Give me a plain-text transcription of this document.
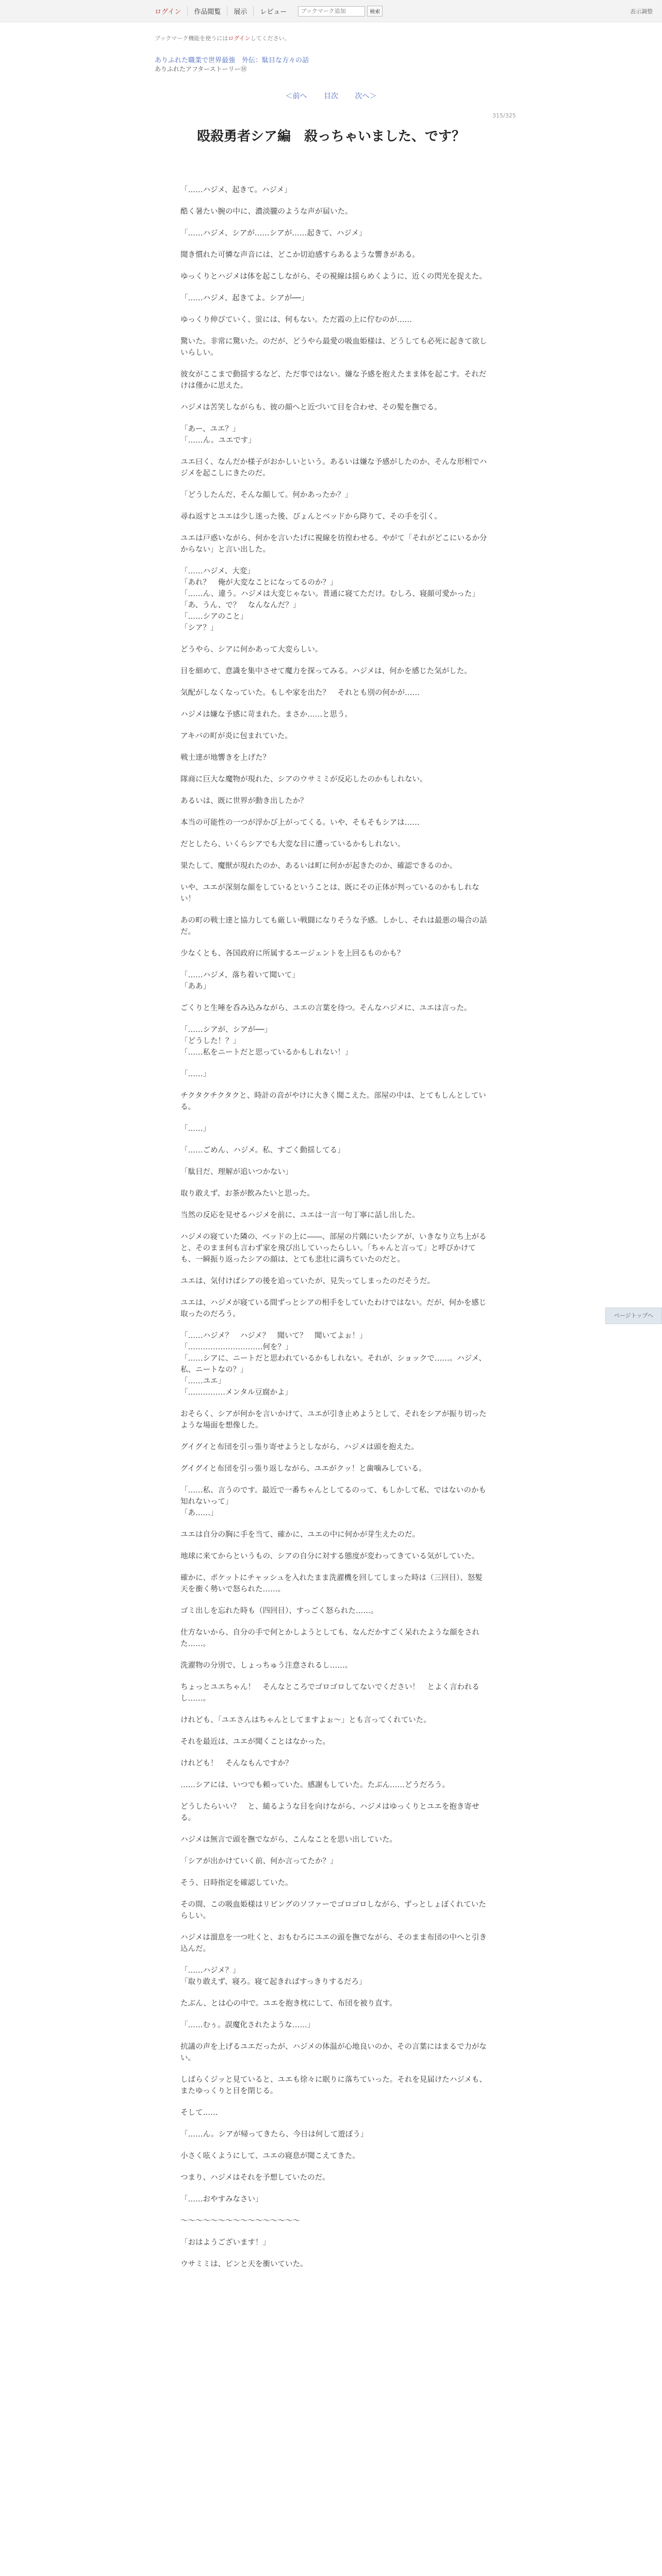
ログイン	作品閲覧	展示	レビュー
ブックマーク追加	検索	表示調整
ブックマーク機能を使うにはログインしてください。
ありふれた職業で世界最強　外伝：駄目な方々の話
ありふれたアフターストーリー⑱
＜前へ 目次 次へ＞
315/325
殴殺勇者シア編　殺っちゃいました、です？

「……ハジメ、起きて。ハジメ」

酷く暑たい腕の中に、濃淡朧のような声が届いた。

「……ハジメ、シアが……シアが……起きて、ハジメ」

聞き慣れた可憐な声音には、どこか切迫感すらあるような響きがある。

ゆっくりとハジメは体を起こしながら、その視線は揺らめくように、近くの閃光を捉えた。

「……ハジメ、起きてよ。シアが──」

ゆっくり伸びていく、蛍には、何もない。ただ霞の上に佇むのが……

驚いた。非常に驚いた。のだが、どうやら最愛の吸血姫様は、どうしても必死に起きて欲しいらしい。

彼女がここまで動揺するなど、ただ事ではない。嫌な予感を抱えたまま体を起こす。それだけは僅かに思えた。

ハジメは苦笑しながらも、彼の顔へと近づいて目を合わせ、その髪を撫でる。

「あー、ユエ？」
「……ん。ユエです」

ユエ曰く、なんだか様子がおかしいという。あるいは嫌な予感がしたのか、そんな形相でハジメを起こしにきたのだ。

「どうしたんだ、そんな顔して。何かあったか？」

尋ね返すとユエは少し迷った後、ぴょんとベッドから降りて、その手を引く。

ユエは戸惑いながら、何かを言いたげに視線を彷徨わせる。やがて「それがどこにいるか分からない」と言い出した。

「……ハジメ、大変」
「あれ？　俺が大変なことになってるのか？」
「……ん、違う。ハジメは大変じゃない。普通に寝てただけ。むしろ、寝顔可愛かった」
「あ、うん、で？　なんなんだ？」
「……シアのこと」
「シア？」

どうやら、シアに何かあって大変らしい。

目を細めて、意識を集中させて魔力を探ってみる。ハジメは、何かを感じた気がした。

気配がしなくなっていた。もしや家を出た？　それとも別の何かが……

ハジメは嫌な予感に苛まれた。まさか……と思う。

アキバの町が炎に包まれていた。

戦士達が地響きを上げた？

隊商に巨大な魔物が現れた、シアのウサミミが反応したのかもしれない。

あるいは、既に世界が動き出したか？

本当の可能性の一つが浮かび上がってくる。いや、そもそもシアは……

だとしたら、いくらシアでも大変な目に遭っているかもしれない。

果たして、魔獣が現れたのか、あるいは町に何かが起きたのか、確認できるのか。

いや、ユエが深刻な顔をしているということは、既にその正体が判っているのかもしれない！

あの町の戦士達と協力しても厳しい戦闘になりそうな予感。しかし、それは最悪の場合の話だ。

少なくとも、各国政府に所属するエージェントを上回るものかも？

「……ハジメ、落ち着いて聞いて」
「ああ」

ごくりと生唾を呑み込みながら、ユエの言葉を待つ。そんなハジメに、ユエは言った。

「……シアが、シアが──」
「どうした！？」
「……私をニートだと思っているかもしれない！」

「……」

チクタクチクタクと、時計の音がやけに大きく聞こえた。部屋の中は、とてもしんとしている。

「……」

「……ごめん、ハジメ。私、すごく動揺してる」

「駄目だ、理解が追いつかない」

取り敢えず、お茶が飲みたいと思った。

当然の反応を見せるハジメを前に、ユエは一言一句丁寧に話し出した。

ハジメの寝ていた隣の、ベッドの上に――、部屋の片隅にいたシアが、いきなり立ち上がると、そのまま何も言わず家を飛び出していったらしい。「ちゃんと言って」と呼びかけても、一瞬振り返ったシアの顔は、とても悲壮に満ちていたのだと。

ユエは、気付けばシアの後を追っていたが、見失ってしまったのだそうだ。

ユエは、ハジメが寝ている間ずっとシアの相手をしていたわけではない。だが、何かを感じ取ったのだろう。

「……ハジメ？　ハジメ？　聞いて？　聞いてよぉ！」
「…………………………何を？」
「……シアに、ニートだと思われているかもしれない。それが、ショックで……。ハジメ、私、ニートなの？」
「……ユエ」
「……………メンタル豆腐かよ」

おそらく、シアが何かを言いかけて、ユエが引き止めようとして、それをシアが振り切ったような場面を想像した。

グイグイと布団を引っ張り寄せようとしながら、ハジメは頭を抱えた。

グイグイと布団を引っ張り返しながら、ユエがクッ！と歯噛みしている。

「……私、言うのです。最近で一番ちゃんとしてるのって、もしかして私、ではないのかも知れないって」
「あ……」

ユエは自分の胸に手を当て、確かに、ユエの中に何かが芽生えたのだ。

地球に来てからというもの、シアの自分に対する態度が変わってきている気がしていた。

確かに、ポケットにチャッシュを入れたまま洗濯機を回してしまった時は（三回目）、怒髪天を衝く勢いで怒られた……。

ゴミ出しを忘れた時も（四回目）、すっごく怒られた……。

仕方ないから、自分の手で何とかしようとしても、なんだかすごく呆れたような顔をされた……。

洗濯物の分別で、しょっちゅう注意されるし……。

ちょっとユエちゃん！　そんなところでゴロゴロしてないでください！　とよく言われるし……。

けれども、「ユエさんはちゃんとしてますよぉ～」とも言ってくれていた。

それを最近は、ユエが聞くことはなかった。

けれども！　そんなもんですか？

……シアには、いつでも頼っていた。感謝もしていた。たぶん……どうだろう。

どうしたらいい？　と、縋るような目を向けながら、ハジメはゆっくりとユエを抱き寄せる。

ハジメは無言で頭を撫でながら、こんなことを思い出していた。

「シアが出かけていく前、何か言ってたか？」

そう、日時指定を確認していた。

その間、この吸血姫様はリビングのソファーでゴロゴロしながら、ずっとしょぼくれていたらしい。

ハジメは溜息を一つ吐くと、おもむろにユエの頭を撫でながら、そのまま布団の中へと引き込んだ。

「……ハジメ？」
「取り敢えず、寝ろ。寝て起きればすっきりするだろ」

たぶん、とは心の中で。ユエを抱き枕にして、布団を被り直す。

「……むぅ。誤魔化されたような……」

抗議の声を上げるユエだったが、ハジメの体温が心地良いのか、その言葉にはまるで力がない。

しばらくジッと見ていると、ユエも徐々に眠りに落ちていった。それを見届けたハジメも、またゆっくりと目を閉じる。

そして……

「……ん。シアが帰ってきたら、今日は何して遊ぼう」

小さく呟くようにして、ユエの寝息が聞こえてきた。

つまり、ハジメはそれを予想していたのだ。

「……おやすみなさい」

～～～～～～～～～～～～～～～～

「おはようございます！」

ウサミミは、ピンと天を衝いていた。

ページトップへ
